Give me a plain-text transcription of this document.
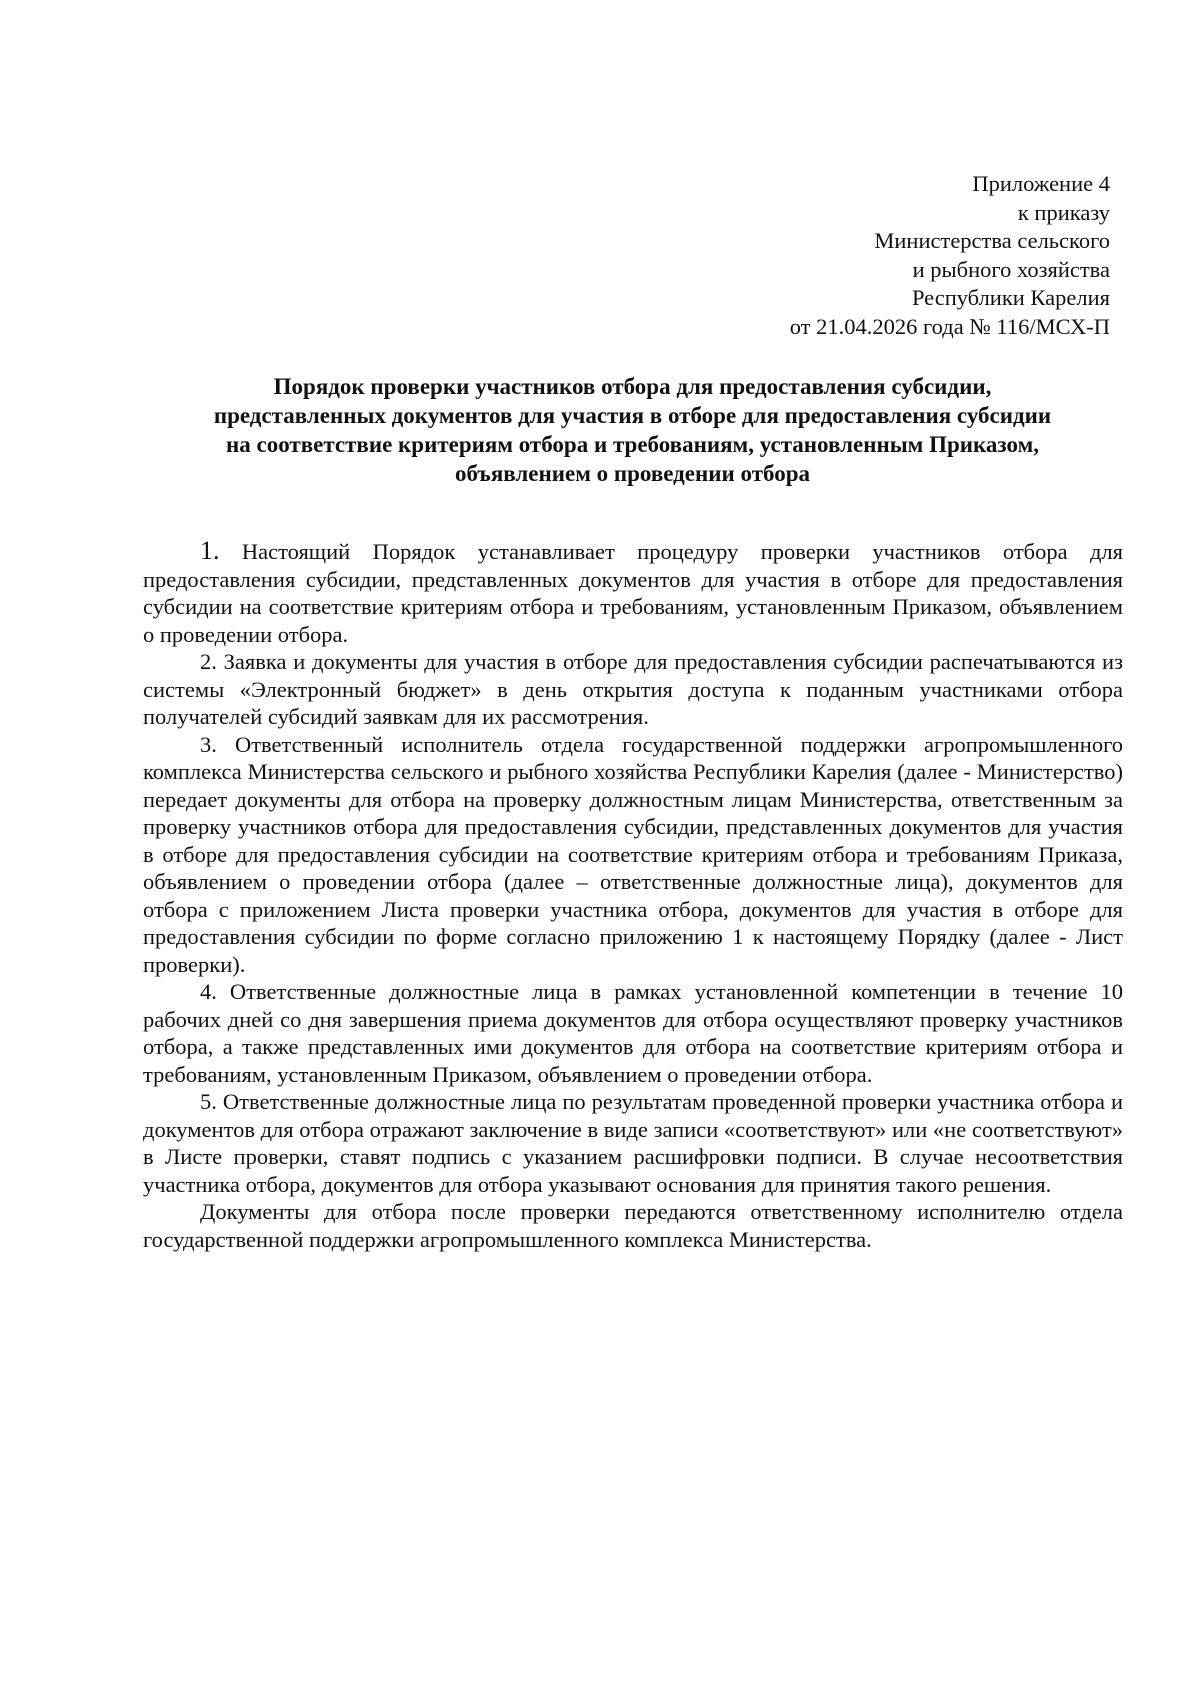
Приложение 4
к приказу
Министерства сельского
и рыбного хозяйства
Республики Карелия
от 21.04.2026 года № 116/МСХ-П
Порядок проверки участников отбора для предоставления субсидии,
представленных документов для участия в отборе для предоставления субсидии
на соответствие критериям отбора и требованиям, установленным Приказом,
объявлением о проведении отбора

1. Настоящий Порядок устанавливает процедуру проверки участников отбора для предоставления субсидии, представленных документов для участия в отборе для предоставления субсидии на соответствие критериям отбора и требованиям, установленным Приказом, объявлением о проведении отбора.

2. Заявка и документы для участия в отборе для предоставления субсидии распечатываются из системы «Электронный бюджет» в день открытия доступа к поданным участниками отбора получателей субсидий заявкам для их рассмотрения.

3. Ответственный исполнитель отдела государственной поддержки агропромышленного комплекса Министерства сельского и рыбного хозяйства Республики Карелия (далее - Министерство) передает документы для отбора на проверку должностным лицам Министерства, ответственным за проверку участников отбора для предоставления субсидии, представленных документов для участия в отборе для предоставления субсидии на соответствие критериям отбора и требованиям Приказа, объявлением о проведении отбора (далее – ответственные должностные лица), документов для отбора с приложением Листа проверки участника отбора, документов для участия в отборе для предоставления субсидии по форме согласно приложению 1 к настоящему Порядку (далее - Лист проверки).

4. Ответственные должностные лица в рамках установленной компетенции в течение 10 рабочих дней со дня завершения приема документов для отбора осуществляют проверку участников отбора, а также представленных ими документов для отбора на соответствие критериям отбора и требованиям, установленным Приказом, объявлением о проведении отбора.

5. Ответственные должностные лица по результатам проведенной проверки участника отбора и документов для отбора отражают заключение в виде записи «соответствуют» или «не соответствуют» в Листе проверки, ставят подпись с указанием расшифровки подписи. В случае несоответствия участника отбора, документов для отбора указывают основания для принятия такого решения.

Документы для отбора после проверки передаются ответственному исполнителю отдела государственной поддержки агропромышленного комплекса Министерства.
